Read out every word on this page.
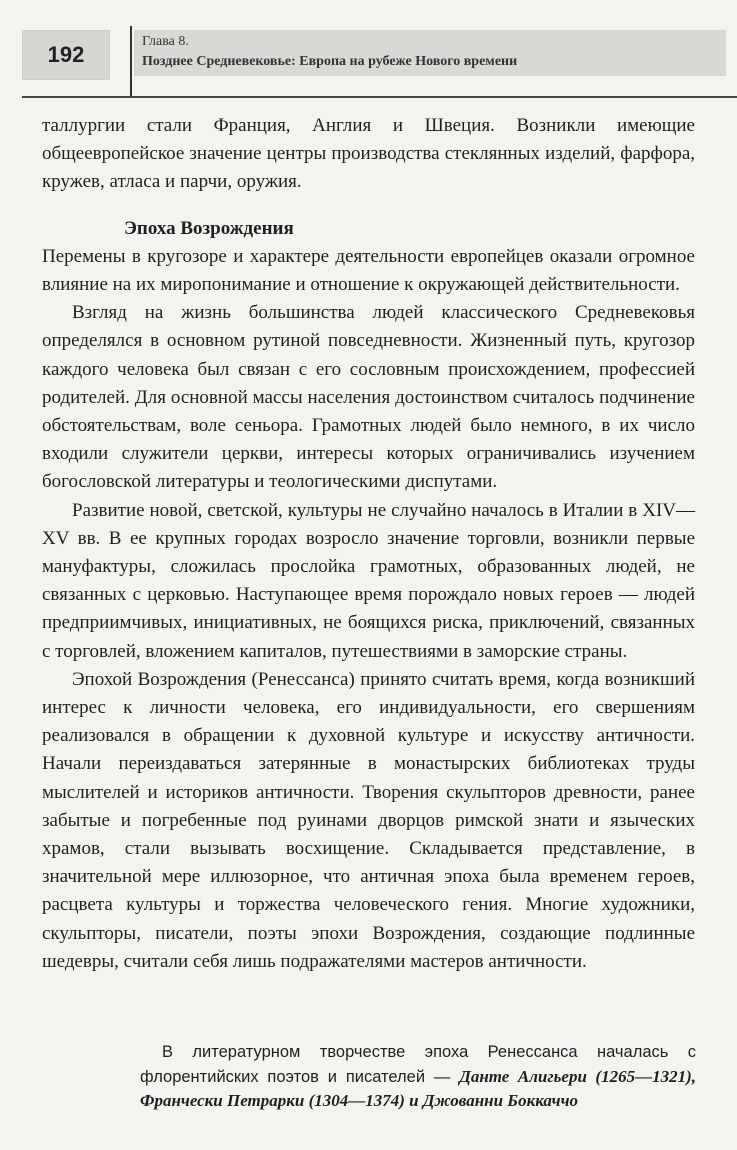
192
Глава 8.
Позднее Средневековье: Европа на рубеже Нового времени

таллургии стали Франция, Англия и Швеция. Возникли имеющие общеевропейское значение центры производства стеклянных изделий, фарфора, кружев, атласа и парчи, оружия.

Эпоха Возрождения

Перемены в кругозоре и характере деятельности европейцев оказали огромное влияние на их миропонимание и отношение к окружающей действительности.

Взгляд на жизнь большинства людей классического Средневековья определялся в основном рутиной повседневности. Жизненный путь, кругозор каждого человека был связан с его сословным происхождением, профессией родителей. Для основной массы населения достоинством считалось подчинение обстоятельствам, воле сеньора. Грамотных людей было немного, в их число входили служители церкви, интересы которых ограничивались изучением богословской литературы и теологическими диспутами.

Развитие новой, светской, культуры не случайно началось в Италии в XIV—XV вв. В ее крупных городах возросло значение торговли, возникли первые мануфактуры, сложилась прослойка грамотных, образованных людей, не связанных с церковью. Наступающее время порождало новых героев — людей предприимчивых, инициативных, не боящихся риска, приключений, связанных с торговлей, вложением капиталов, путешествиями в заморские страны.

Эпохой Возрождения (Ренессанса) принято считать время, когда возникший интерес к личности человека, его индивидуальности, его свершениям реализовался в обращении к духовной культуре и искусству античности. Начали переиздаваться затерянные в монастырских библиотеках труды мыслителей и историков античности. Творения скульпторов древности, ранее забытые и погребенные под руинами дворцов римской знати и языческих храмов, стали вызывать восхищение. Складывается представление, в значительной мере иллюзорное, что античная эпоха была временем героев, расцвета культуры и торжества человеческого гения. Многие художники, скульпторы, писатели, поэты эпохи Возрождения, создающие подлинные шедевры, считали себя лишь подражателями мастеров античности.

В литературном творчестве эпоха Ренессанса началась с флорентийских поэтов и писателей — Данте Алигьери (1265—1321), Франчески Петрарки (1304—1374) и Джованни Боккаччо
